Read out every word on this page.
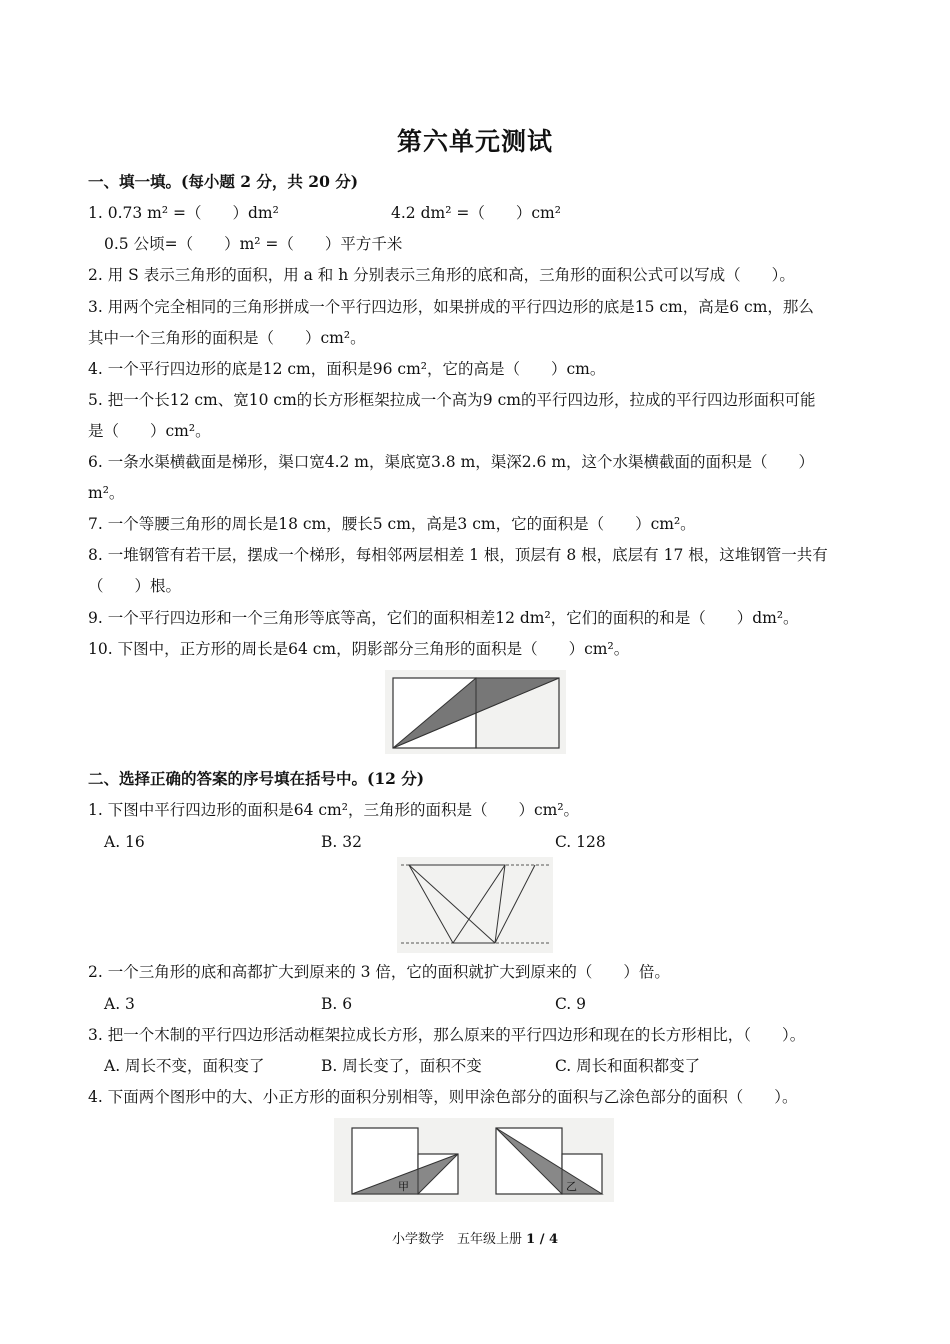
第六单元测试
一、填一填。(每小题 2 分，共 20 分)
1. 0.73 m² =（　　）dm²	4.2 dm² =（　　）cm²
0.5 公顷=（　　）m² =（　　）平方千米
2. 用 S 表示三角形的面积，用 a 和 h 分别表示三角形的底和高，三角形的面积公式可以写成（　　）。
3. 用两个完全相同的三角形拼成一个平行四边形，如果拼成的平行四边形的底是15 cm，高是6 cm，那么
其中一个三角形的面积是（　　）cm²。
4. 一个平行四边形的底是12 cm，面积是96 cm²，它的高是（　　）cm。
5. 把一个长12 cm、宽10 cm的长方形框架拉成一个高为9 cm的平行四边形，拉成的平行四边形面积可能
是（　　）cm²。
6. 一条水渠横截面是梯形，渠口宽4.2 m，渠底宽3.8 m，渠深2.6 m，这个水渠横截面的面积是（　　）
m²。
7. 一个等腰三角形的周长是18 cm，腰长5 cm，高是3 cm，它的面积是（　　）cm²。
8. 一堆钢管有若干层，摆成一个梯形，每相邻两层相差 1 根，顶层有 8 根，底层有 17 根，这堆钢管一共有
（　　）根。
9. 一个平行四边形和一个三角形等底等高，它们的面积相差12 dm²，它们的面积的和是（　　）dm²。
10. 下图中，正方形的周长是64 cm，阴影部分三角形的面积是（　　）cm²。
二、选择正确的答案的序号填在括号中。(12 分)
1. 下图中平行四边形的面积是64 cm²，三角形的面积是（　　）cm²。
A. 16	B. 32	C. 128
2. 一个三角形的底和高都扩大到原来的 3 倍，它的面积就扩大到原来的（　　）倍。
A. 3	B. 6	C. 9
3. 把一个木制的平行四边形活动框架拉成长方形，那么原来的平行四边形和现在的长方形相比，（　　）。
A. 周长不变，面积变了	B. 周长变了，面积不变	C. 周长和面积都变了
4. 下面两个图形中的大、小正方形的面积分别相等，则甲涂色部分的面积与乙涂色部分的面积（　　）。
甲	乙
小学数学　五年级上册 1 / 4
